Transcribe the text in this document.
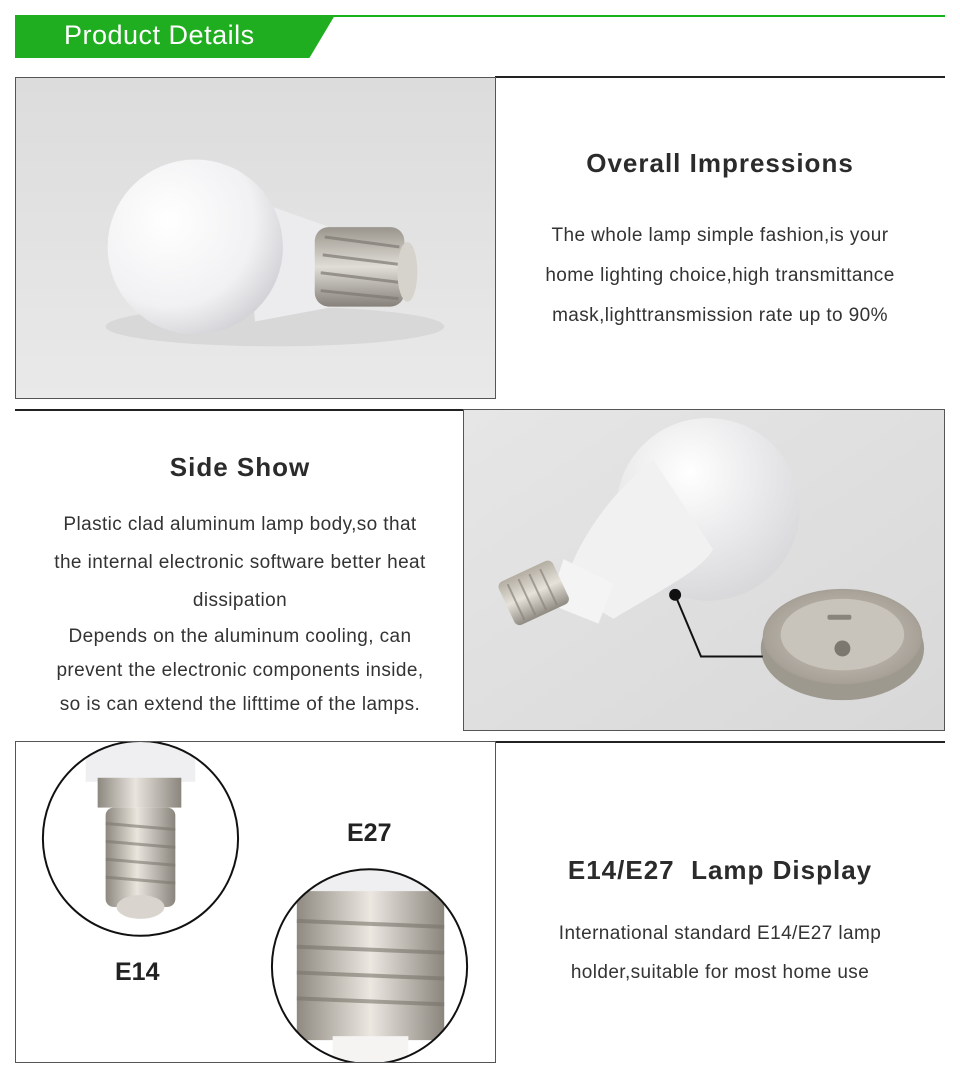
Product Details
Overall Impressions
The whole lamp simple fashion,is your
home lighting choice,high transmittance
mask,lighttransmission rate up to 90%
Side Show
Plastic clad aluminum lamp body,so that
the internal electronic software better heat
dissipation
Depends on the aluminum cooling, can
prevent the electronic components inside,
so is can extend the lifttime of the lamps.
E27
E14
E14/E27  Lamp Display
International standard E14/E27 lamp
holder,suitable for most home use
